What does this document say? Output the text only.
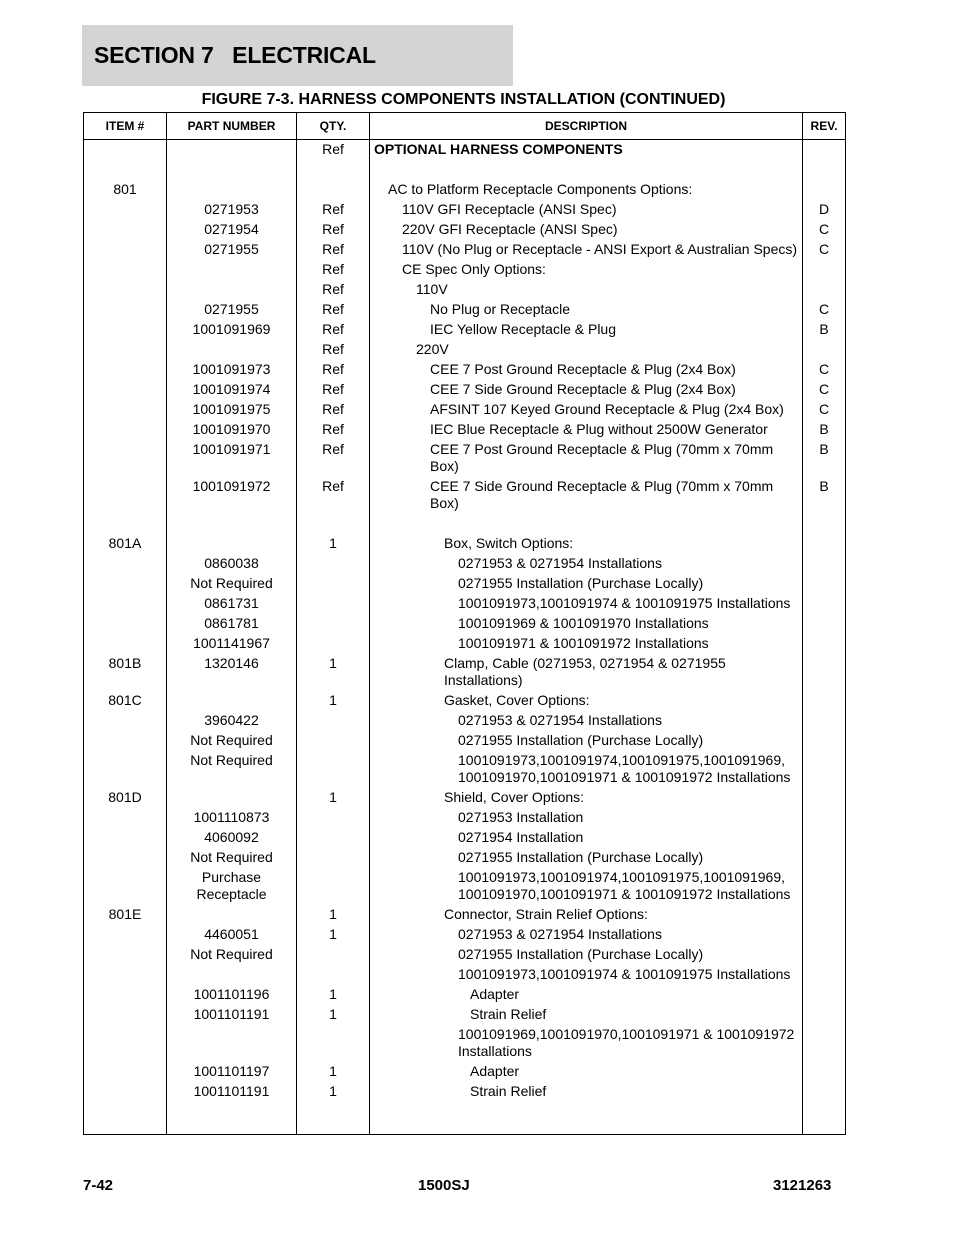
SECTION 7   ELECTRICAL
FIGURE 7-3. HARNESS COMPONENTS INSTALLATION (CONTINUED)
ITEM #	PART NUMBER	QTY.	DESCRIPTION	REV.
		Ref	OPTIONAL HARNESS COMPONENTS	

801			AC to Platform Receptacle Components Options:	
	0271953	Ref	110V GFI Receptacle (ANSI Spec)	D
	0271954	Ref	220V GFI Receptacle (ANSI Spec)	C
	0271955	Ref	110V (No Plug or Receptacle - ANSI Export & Australian Specs)	C
		Ref	CE Spec Only Options:	
		Ref	110V	
	0271955	Ref	No Plug or Receptacle	C
	1001091969	Ref	IEC Yellow Receptacle & Plug	B
		Ref	220V	
	1001091973	Ref	CEE 7 Post Ground Receptacle & Plug (2x4 Box)	C
	1001091974	Ref	CEE 7 Side Ground Receptacle & Plug (2x4 Box)	C
	1001091975	Ref	AFSINT 107 Keyed Ground Receptacle & Plug (2x4 Box)	C
	1001091970	Ref	IEC Blue Receptacle & Plug without 2500W Generator	B
	1001091971	Ref	CEE 7 Post Ground Receptacle & Plug (70mm x 70mm Box)	B
	1001091972	Ref	CEE 7 Side Ground Receptacle & Plug (70mm x 70mm Box)	B

801A		1	Box, Switch Options:	
	0860038		0271953 & 0271954 Installations	
	Not Required		0271955 Installation (Purchase Locally)	
	0861731		1001091973,1001091974 & 1001091975 Installations	
	0861781		1001091969 & 1001091970 Installations	
	1001141967		1001091971 & 1001091972 Installations	
801B	1320146	1	Clamp, Cable (0271953, 0271954 & 0271955 Installations)	
801C		1	Gasket, Cover Options:	
	3960422		0271953 & 0271954 Installations	
	Not Required		0271955 Installation (Purchase Locally)	
	Not Required		1001091973,1001091974,1001091975,1001091969, 1001091970,1001091971 & 1001091972 Installations	
801D		1	Shield, Cover Options:	
	1001110873		0271953 Installation	
	4060092		0271954 Installation	
	Not Required		0271955 Installation (Purchase Locally)	
	Purchase Receptacle		1001091973,1001091974,1001091975,1001091969, 1001091970,1001091971 & 1001091972 Installations	
801E		1	Connector, Strain Relief Options:	
	4460051	1	0271953 & 0271954 Installations	
	Not Required		0271955 Installation (Purchase Locally)	
			1001091973,1001091974 & 1001091975 Installations	
	1001101196	1	Adapter	
	1001101191	1	Strain Relief	
			1001091969,1001091970,1001091971 & 1001091972 Installations	
	1001101197	1	Adapter	
	1001101191	1	Strain Relief	

7-42	1500SJ	3121263
